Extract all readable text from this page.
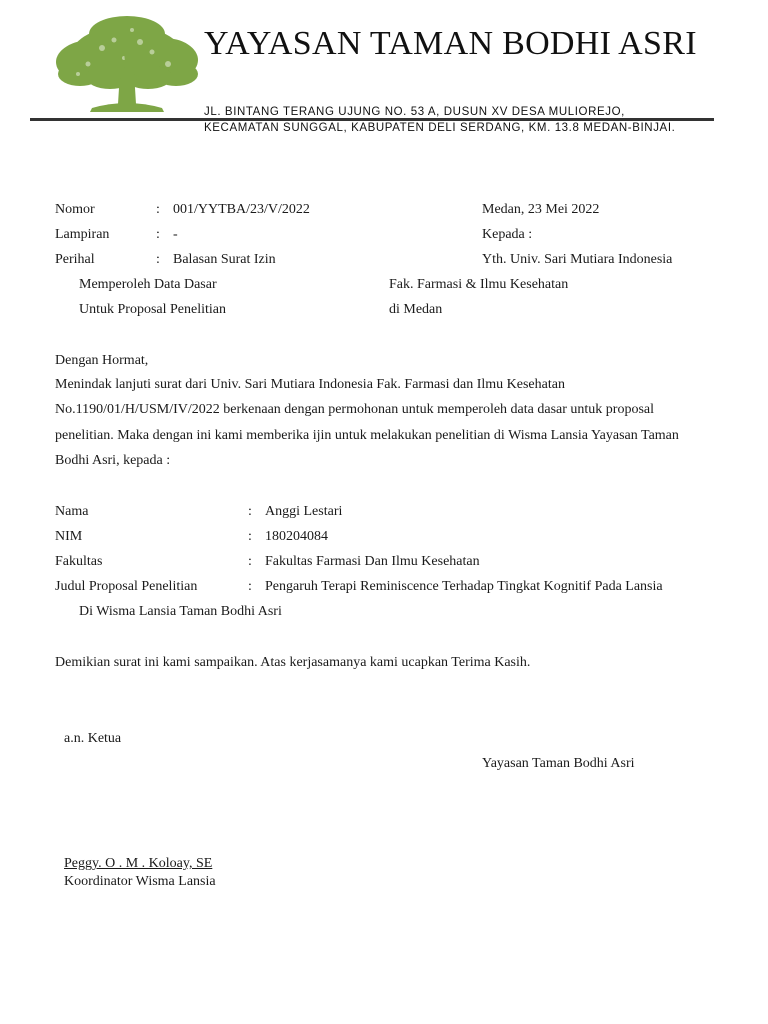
YAYASAN TAMAN BODHI ASRI
JL. BINTANG TERANG UJUNG NO. 53 A, DUSUN XV DESA MULIOREJO,
KECAMATAN SUNGGAL, KABUPATEN DELI SERDANG, KM. 13.8 MEDAN-BINJAI.
Nomor	: 001/YYTBA/23/V/2022
Lampiran	: -
Perihal	: Balasan Surat Izin
Memperoleh Data Dasar
Untuk Proposal Penelitian
Medan, 23 Mei 2022
Kepada :
Yth. Univ. Sari Mutiara Indonesia
Fak. Farmasi & Ilmu Kesehatan
di Medan
Dengan Hormat,
Menindak lanjuti surat dari Univ. Sari Mutiara Indonesia Fak. Farmasi dan Ilmu Kesehatan No.1190/01/H/USM/IV/2022 berkenaan dengan permohonan untuk memperoleh data dasar untuk proposal penelitian. Maka dengan ini kami memberika ijin untuk melakukan penelitian di Wisma Lansia Yayasan Taman Bodhi Asri, kepada :
Nama	: Anggi Lestari
NIM	: 180204084
Fakultas	: Fakultas Farmasi Dan Ilmu Kesehatan
Judul Proposal Penelitian	: Pengaruh Terapi Reminiscence Terhadap Tingkat Kognitif Pada Lansia
Di Wisma Lansia Taman Bodhi Asri
Demikian surat ini kami sampaikan. Atas kerjasamanya kami ucapkan Terima Kasih.
a.n. Ketua
Yayasan Taman Bodhi Asri
Peggy. O . M . Koloay, SE
Koordinator Wisma Lansia
